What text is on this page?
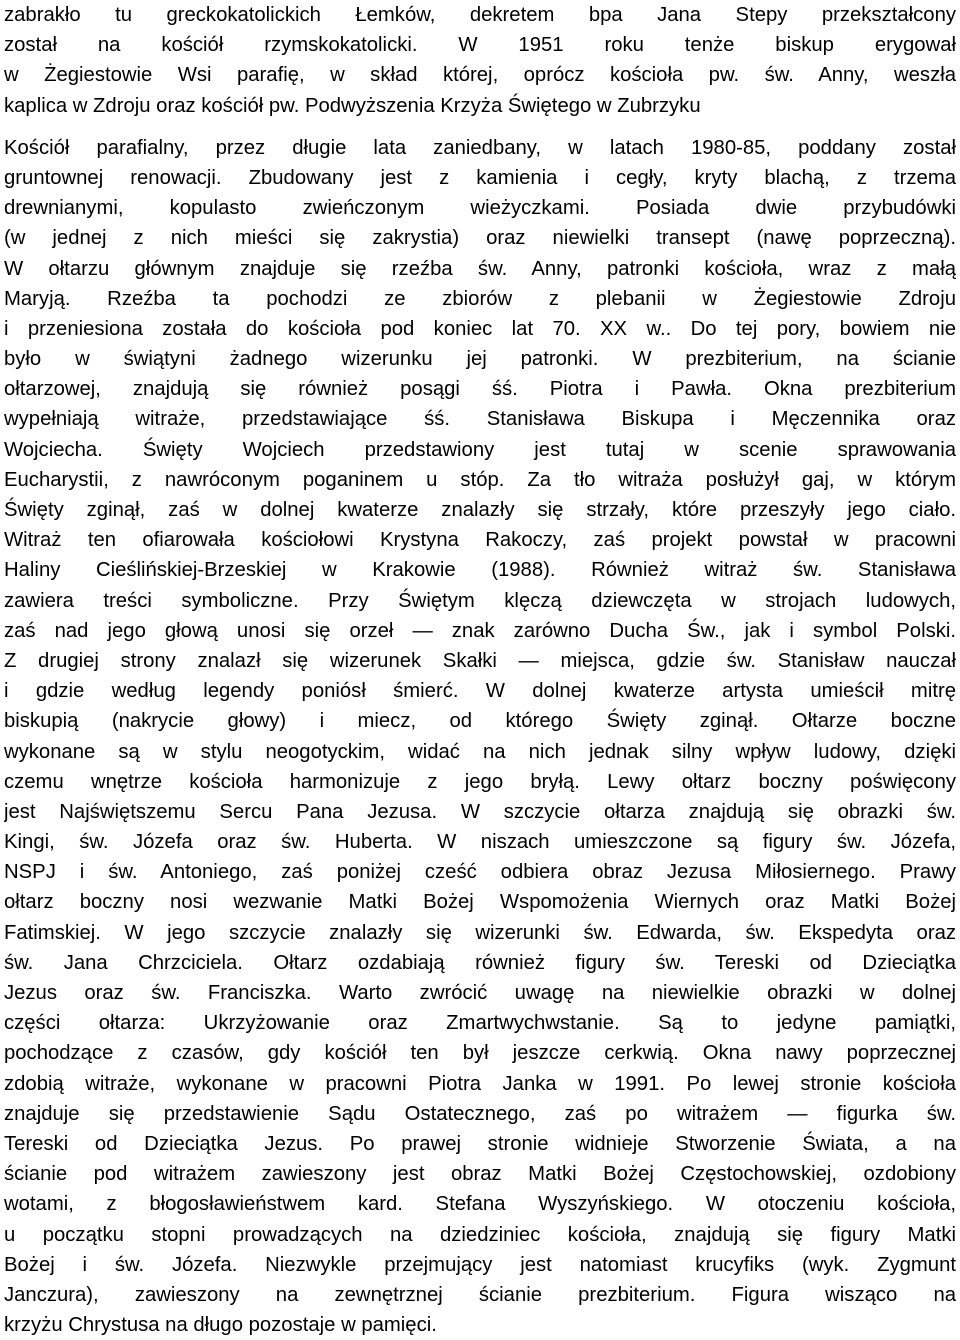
zabrakło tu greckokatolickich Łemków, dekretem bpa Jana Stepy przekształcony
został na kościół rzymskokatolicki. W 1951 roku tenże biskup erygował
w Żegiestowie Wsi parafię, w skład której, oprócz kościoła pw. św. Anny, weszła
kaplica w Zdroju oraz kościół pw. Podwyższenia Krzyża Świętego w Zubrzyku
Kościół parafialny, przez długie lata zaniedbany, w latach 1980-85, poddany został
gruntownej renowacji. Zbudowany jest z kamienia i cegły, kryty blachą, z trzema
drewnianymi, kopulasto zwieńczonym wieżyczkami. Posiada dwie przybudówki
(w jednej z nich mieści się zakrystia) oraz niewielki transept (nawę poprzeczną).
W ołtarzu głównym znajduje się rzeźba św. Anny, patronki kościoła, wraz z małą
Maryją. Rzeźba ta pochodzi ze zbiorów z plebanii w Żegiestowie Zdroju
i przeniesiona została do kościoła pod koniec lat 70. XX w.. Do tej pory, bowiem nie
było w świątyni żadnego wizerunku jej patronki. W prezbiterium, na ścianie
ołtarzowej, znajdują się również posągi śś. Piotra i Pawła. Okna prezbiterium
wypełniają witraże, przedstawiające śś. Stanisława Biskupa i Męczennika oraz
Wojciecha. Święty Wojciech przedstawiony jest tutaj w scenie sprawowania
Eucharystii, z nawróconym poganinem u stóp. Za tło witraża posłużył gaj, w którym
Święty zginął, zaś w dolnej kwaterze znalazły się strzały, które przeszyły jego ciało.
Witraż ten ofiarowała kościołowi Krystyna Rakoczy, zaś projekt powstał w pracowni
Haliny Cieślińskiej-Brzeskiej w Krakowie (1988). Również witraż św. Stanisława
zawiera treści symboliczne. Przy Świętym klęczą dziewczęta w strojach ludowych,
zaś nad jego głową unosi się orzeł — znak zarówno Ducha Św., jak i symbol Polski.
Z drugiej strony znalazł się wizerunek Skałki — miejsca, gdzie św. Stanisław nauczał
i gdzie według legendy poniósł śmierć. W dolnej kwaterze artysta umieścił mitrę
biskupią (nakrycie głowy) i miecz, od którego Święty zginął. Ołtarze boczne
wykonane są w stylu neogotyckim, widać na nich jednak silny wpływ ludowy, dzięki
czemu wnętrze kościoła harmonizuje z jego bryłą. Lewy ołtarz boczny poświęcony
jest Najświętszemu Sercu Pana Jezusa. W szczycie ołtarza znajdują się obrazki św.
Kingi, św. Józefa oraz św. Huberta. W niszach umieszczone są figury św. Józefa,
NSPJ i św. Antoniego, zaś poniżej cześć odbiera obraz Jezusa Miłosiernego. Prawy
ołtarz boczny nosi wezwanie Matki Bożej Wspomożenia Wiernych oraz Matki Bożej
Fatimskiej. W jego szczycie znalazły się wizerunki św. Edwarda, św. Ekspedyta oraz
św. Jana Chrzciciela. Ołtarz ozdabiają również figury św. Tereski od Dzieciątka
Jezus oraz św. Franciszka. Warto zwrócić uwagę na niewielkie obrazki w dolnej
części ołtarza: Ukrzyżowanie oraz Zmartwychwstanie. Są to jedyne pamiątki,
pochodzące z czasów, gdy kościół ten był jeszcze cerkwią. Okna nawy poprzecznej
zdobią witraże, wykonane w pracowni Piotra Janka w 1991. Po lewej stronie kościoła
znajduje się przedstawienie Sądu Ostatecznego, zaś po witrażem — figurka św.
Tereski od Dzieciątka Jezus. Po prawej stronie widnieje Stworzenie Świata, a na
ścianie pod witrażem zawieszony jest obraz Matki Bożej Częstochowskiej, ozdobiony
wotami, z błogosławieństwem kard. Stefana Wyszyńskiego. W otoczeniu kościoła,
u początku stopni prowadzących na dziedziniec kościoła, znajdują się figury Matki
Bożej i św. Józefa. Niezwykle przejmujący jest natomiast krucyfiks (wyk. Zygmunt
Janczura), zawieszony na zewnętrznej ścianie prezbiterium. Figura wisząco na
krzyżu Chrystusa na długo pozostaje w pamięci.
